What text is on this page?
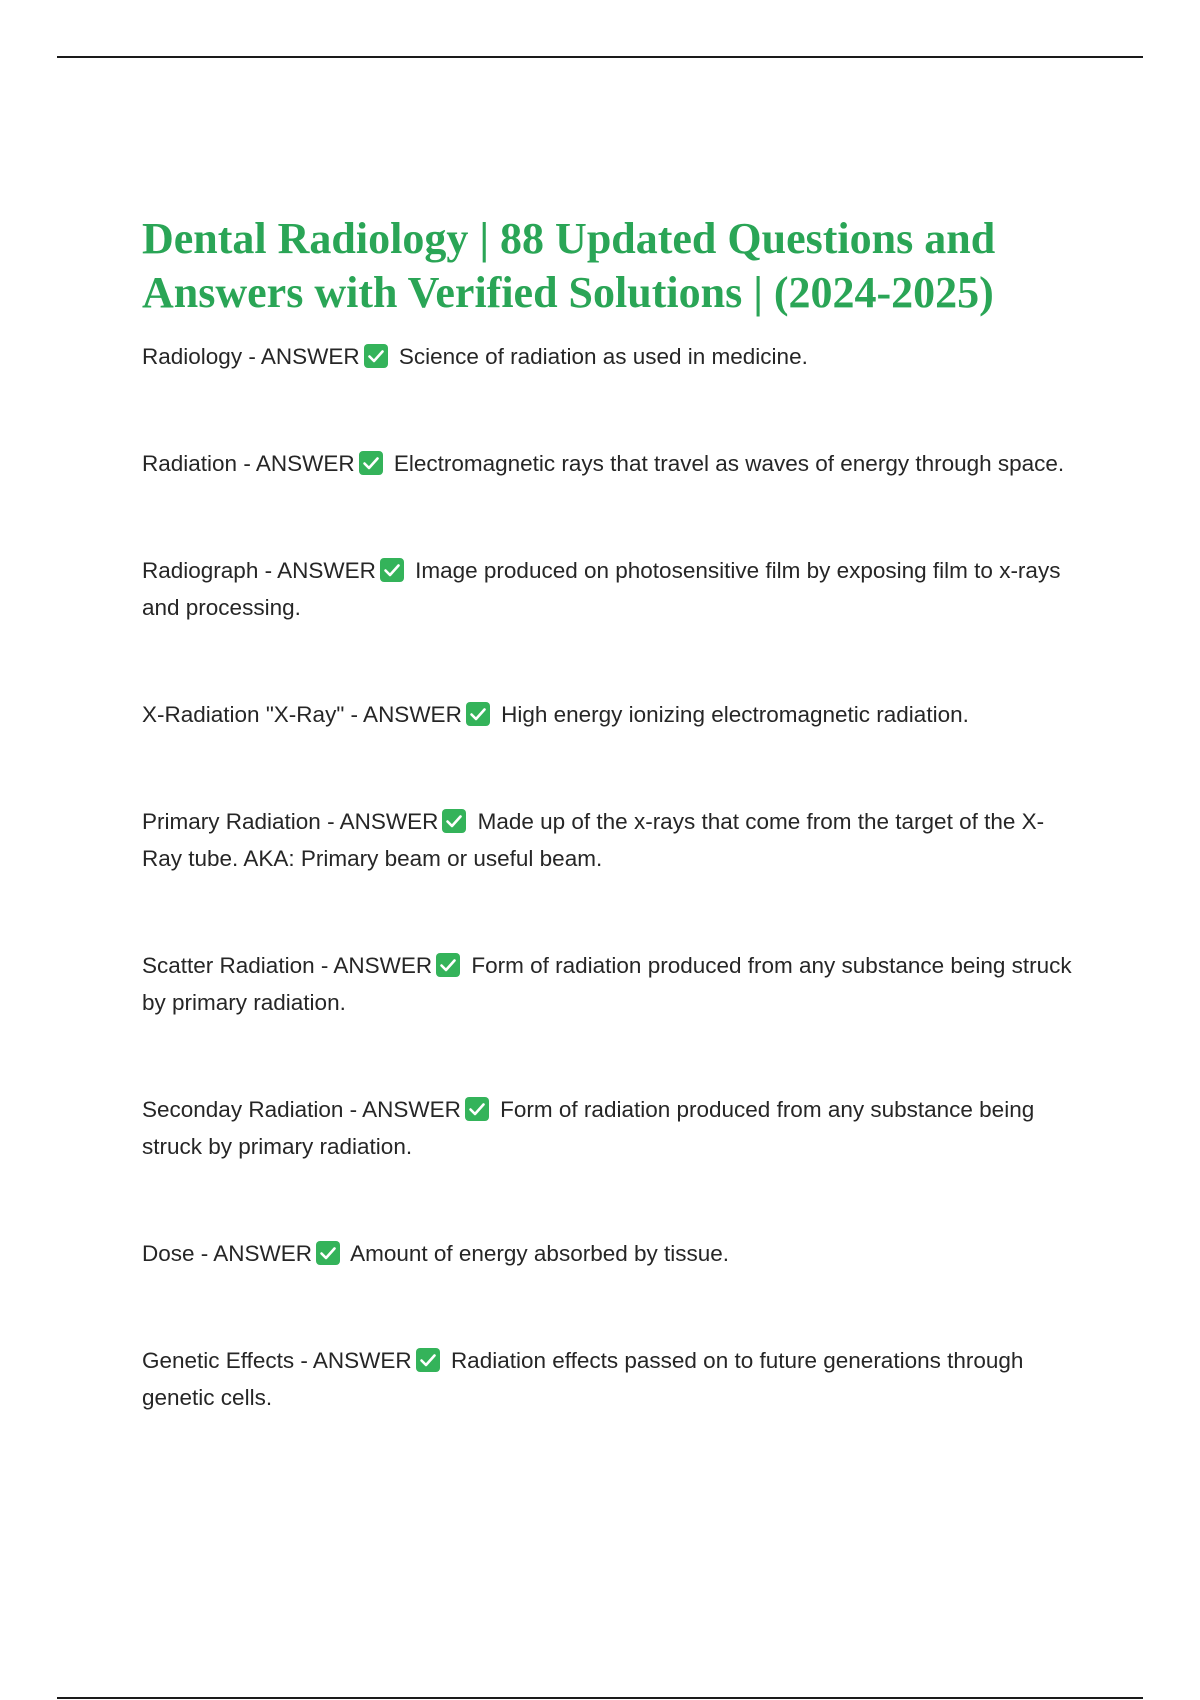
Dental Radiology | 88 Updated Questions and Answers with Verified Solutions | (2024-2025)
Radiology - ANSWER Science of radiation as used in medicine.
Radiation - ANSWER Electromagnetic rays that travel as waves of energy through space.
Radiograph - ANSWER Image produced on photosensitive film by exposing film to x-rays and processing.
X-Radiation "X-Ray" - ANSWER High energy ionizing electromagnetic radiation.
Primary Radiation - ANSWER Made up of the x-rays that come from the target of the X-Ray tube. AKA: Primary beam or useful beam.
Scatter Radiation - ANSWER Form of radiation produced from any substance being struck by primary radiation.
Seconday Radiation - ANSWER Form of radiation produced from any substance being struck by primary radiation.
Dose - ANSWER Amount of energy absorbed by tissue.
Genetic Effects - ANSWER Radiation effects passed on to future generations through genetic cells.
